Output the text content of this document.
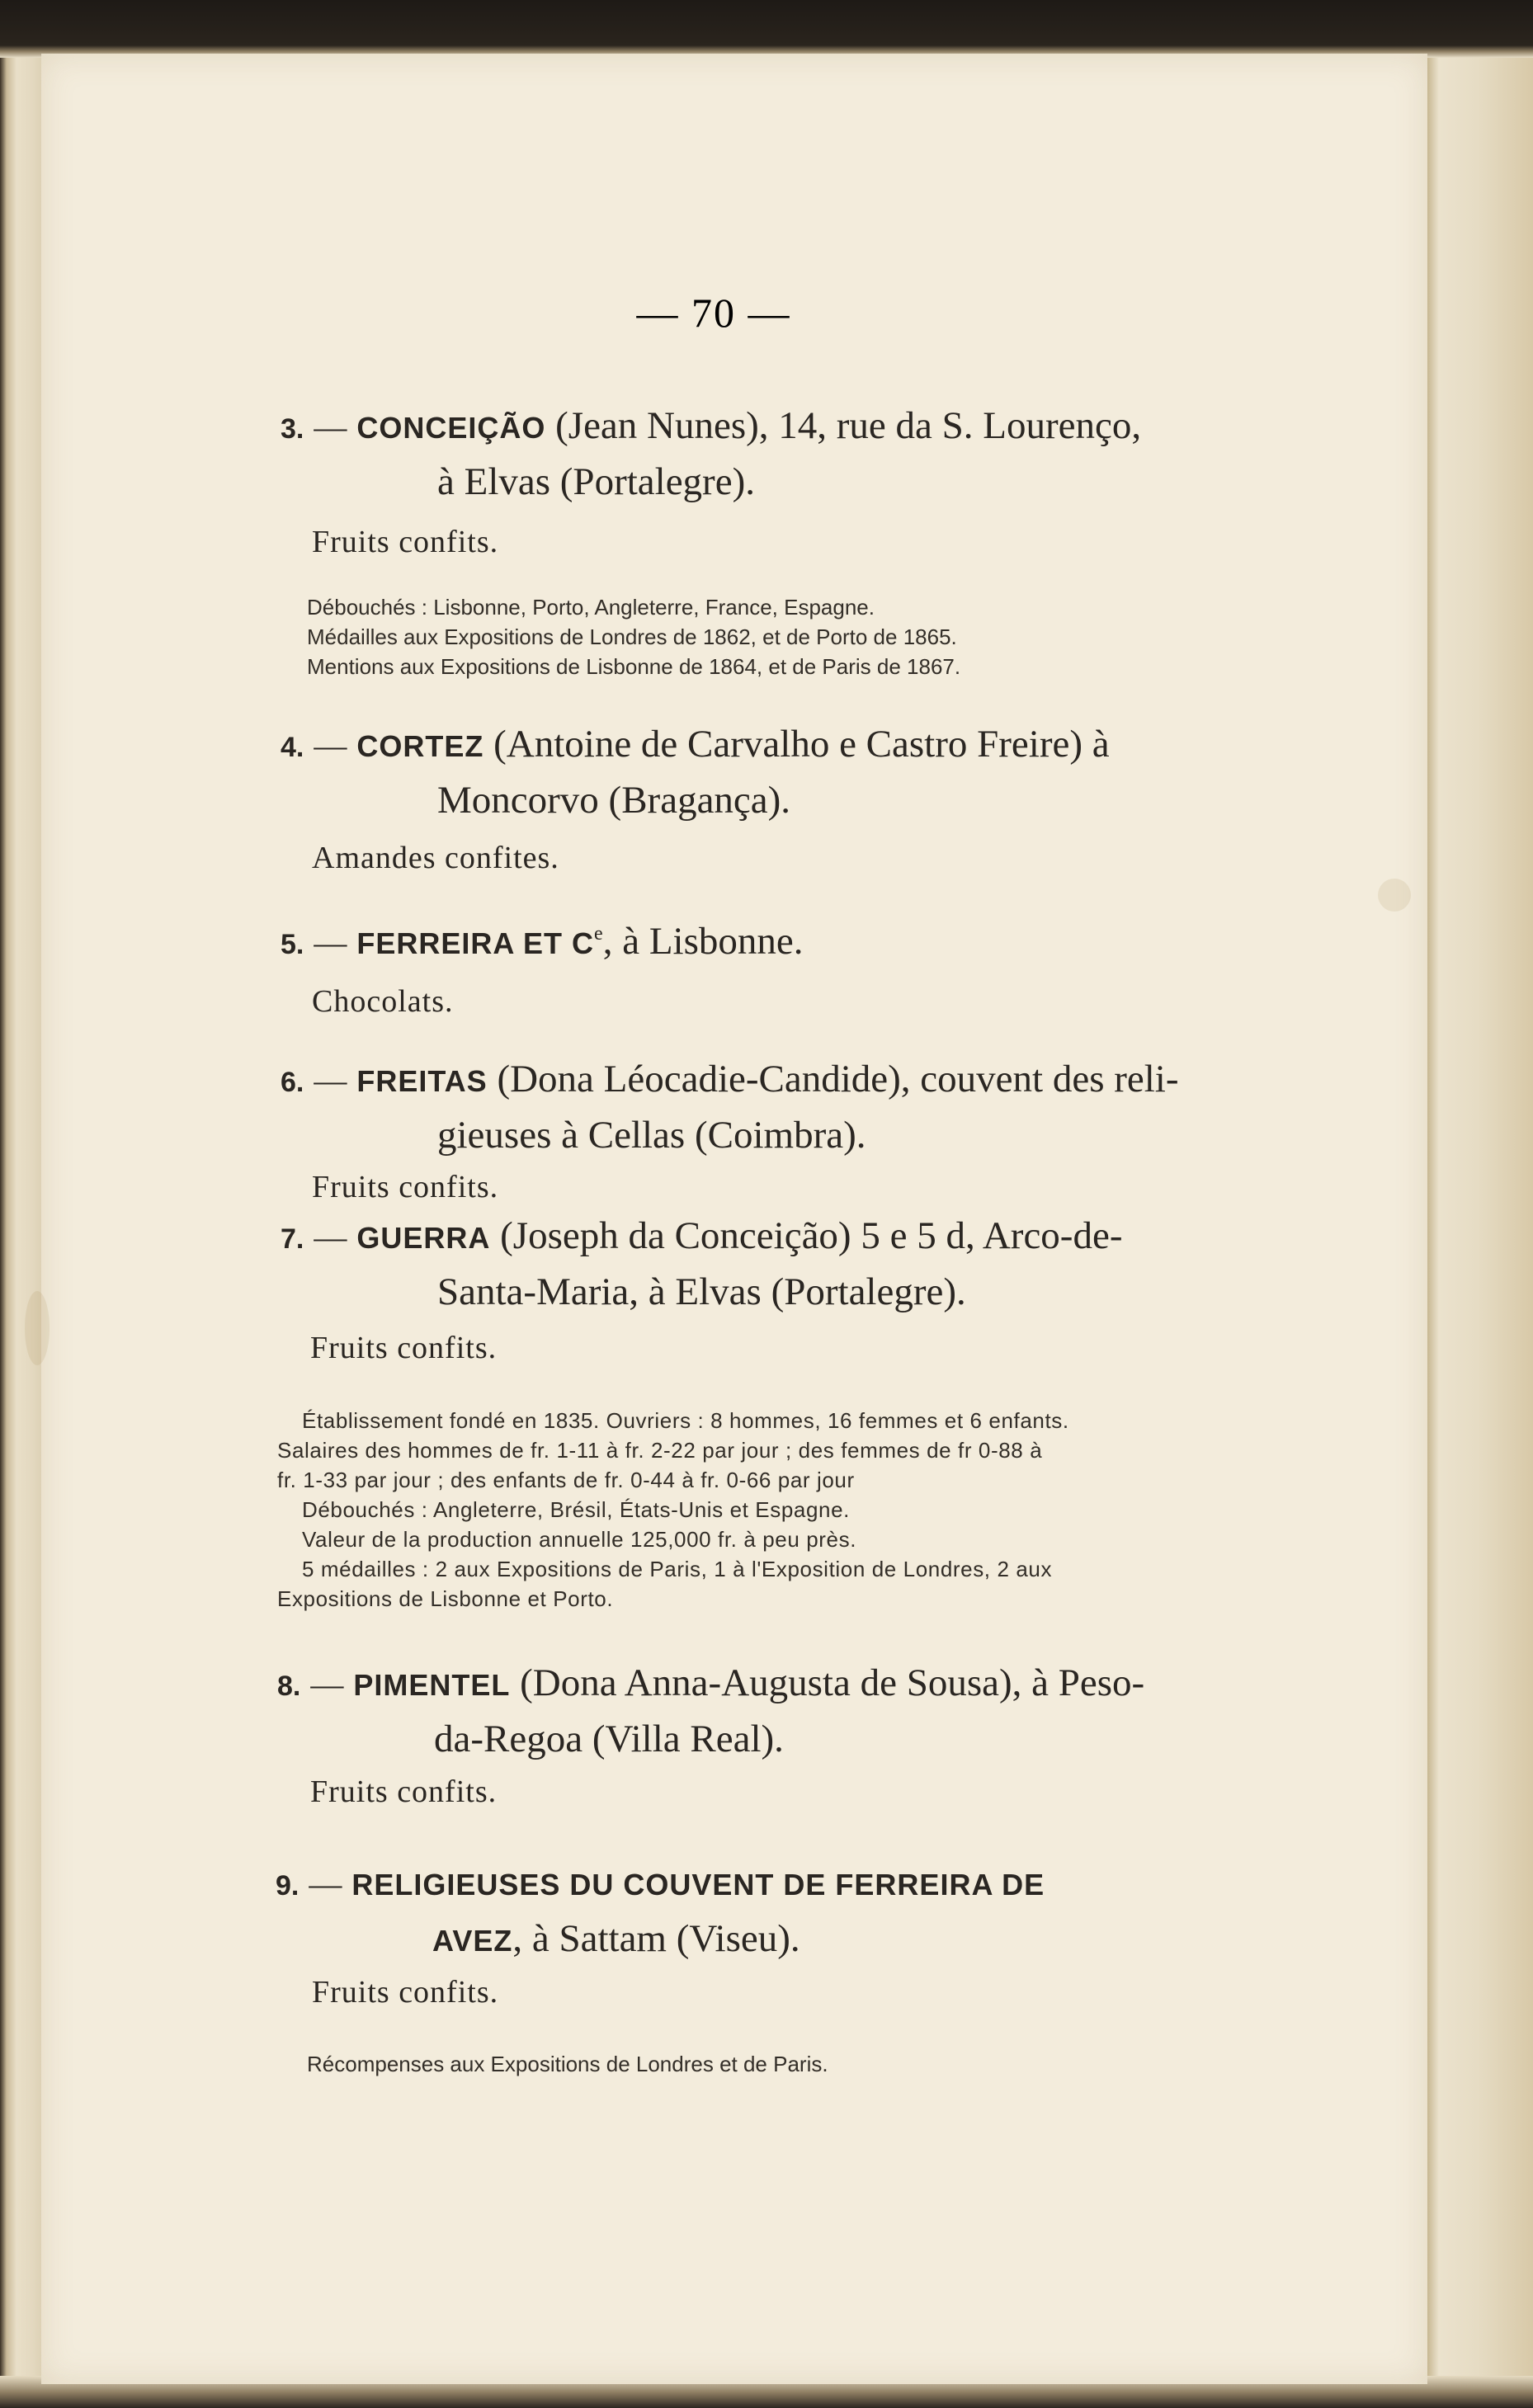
— 70 —
3. — CONCEIÇÃO (Jean Nunes), 14, rue da S. Lourenço,
à Elvas (Portalegre).
Fruits confits.
Débouchés : Lisbonne, Porto, Angleterre, France, Espagne.
Médailles aux Expositions de Londres de 1862, et de Porto de 1865.
Mentions aux Expositions de Lisbonne de 1864, et de Paris de 1867.
4. — CORTEZ (Antoine de Carvalho e Castro Freire) à
Moncorvo (Bragança).
Amandes confites.
5. — FERREIRA ET Ce, à Lisbonne.
Chocolats.
6. — FREITAS (Dona Léocadie-Candide), couvent des reli-
gieuses à Cellas (Coimbra).
Fruits confits.
7. — GUERRA (Joseph da Conceição) 5 e 5 d, Arco-de-
Santa-Maria, à Elvas (Portalegre).
Fruits confits.
Établissement fondé en 1835. Ouvriers : 8 hommes, 16 femmes et 6 enfants.
Salaires des hommes de fr. 1-11 à fr. 2-22 par jour ; des femmes de fr 0-88 à
fr. 1-33 par jour ; des enfants de fr. 0-44 à fr. 0-66 par jour
Débouchés : Angleterre, Brésil, États-Unis et Espagne.
Valeur de la production annuelle 125,000 fr. à peu près.
5 médailles : 2 aux Expositions de Paris, 1 à l'Exposition de Londres, 2 aux
Expositions de Lisbonne et Porto.
8. — PIMENTEL (Dona Anna-Augusta de Sousa), à Peso-
da-Regoa (Villa Real).
Fruits confits.
9. — RELIGIEUSES DU COUVENT DE FERREIRA DE
AVEZ, à Sattam (Viseu).
Fruits confits.
Récompenses aux Expositions de Londres et de Paris.
